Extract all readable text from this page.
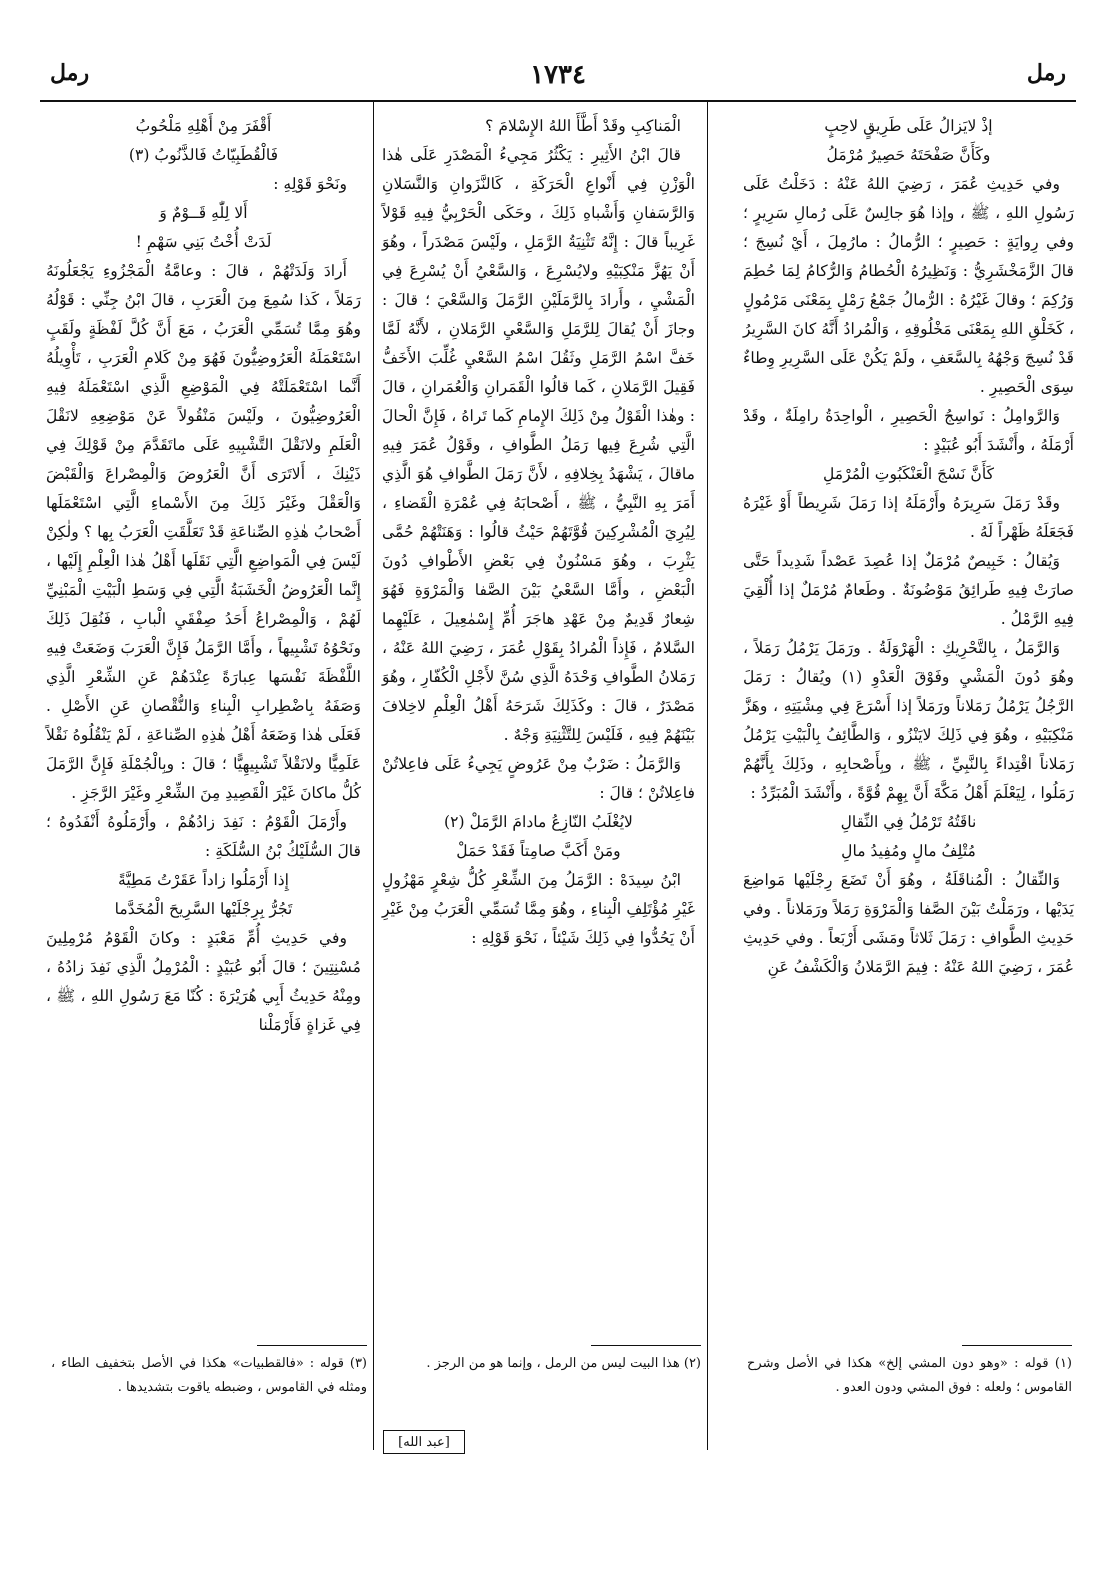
رمل
١٧٣٤
رمل

إذْ لايَزالُ عَلَى طَرِيقٍ لاحِبٍ

وكَأَنَّ صَفْحَتَهُ حَصِيرٌ مُرْمَلُ

وفي حَدِيثِ عُمَرَ ، رَضِيَ اللهُ عَنْهُ : دَخَلْتُ عَلَى رَسُولِ اللهِ ، ﷺ ، وإذا هُوَ جالِسٌ عَلَى رُمالِ سَرِيرٍ ؛ وفي رِوايَةٍ : حَصِيرٍ ؛ الرُّمالُ : مارُمِلَ ، أَيْ نُسِجَ ؛ قالَ الزَّمَخْشَرِيُّ : وَنَظِيرُهُ الْحُطامُ وَالرُّكامُ لِمَا حُطِمَ وَرُكِمَ ؛ وقالَ غَيْرُهُ : الرُّمالُ جَمْعُ رَمْلٍ بِمَعْنَى مَرْمُولٍ ، كَخَلْقِ اللهِ بِمَعْنَى مَخْلُوقِهِ ، وَالْمُرادُ أَنَّهُ كانَ السَّرِيرُ قَدْ نُسِجَ وَجْهُهُ بِالسَّعَفِ ، ولَمْ يَكُنْ عَلَى السَّرِيرِ وِطاءٌ سِوَى الْحَصِيرِ .

وَالرَّوامِلُ : نَواسِجُ الْحَصِيرِ ، الْواحِدَةُ رامِلَةٌ ، وقَدْ أَرْمَلَهُ ، وأَنْشَدَ أَبُو عُبَيْدٍ :

كَأَنَّ نَسْجَ الْعَنْكَبُوتِ الْمُرْمَلِ

وقَدْ رَمَلَ سَرِيرَهُ وأَرْمَلَهُ إذا رَمَلَ شَرِيطاً أَوْ غَيْرَهُ فَجَعَلَهُ ظَهْراً لَهُ .

وَيُقالُ : خَبِيصٌ مُرْمَلٌ إذا عُصِدَ عَصْداً شَدِيداً حَتَّى صارَتْ فِيهِ طَرائِقُ مَوْضُونَةٌ . وطَعامٌ مُرْمَلٌ إذا أُلْقِيَ فِيهِ الرَّمْلُ .

وَالرَّمَلُ ، بِالتَّحْرِيكِ : الْهَرْوَلَةُ . ورَمَلَ يَرْمُلُ رَمَلاً ، وهُوَ دُونَ الْمَشْيِ وفَوْقَ الْعَدْوِ (١) ويُقالُ : رَمَلَ الرَّجُلُ يَرْمُلُ رَمَلاناً ورَمَلاً إذا أَسْرَعَ فِي مِشْيَتِهِ ، وهَزَّ مَنْكِبَيْهِ ، وهُوَ فِي ذَلِكَ لايَنْزُو ، وَالطَّائِفُ بِالْبَيْتِ يَرْمُلُ رَمَلاناً اقْتِداءً بِالنَّبِيِّ ، ﷺ ، وبِأَصْحابِهِ ، وذَلِكَ بِأَنَّهُمْ رَمَلُوا ، لِيَعْلَمَ أَهْلُ مَكَّةَ أَنَّ بِهِمْ قُوَّةً ، وأَنْشَدَ الْمُبَرِّدُ :

ناقَتُهُ تَرْمُلُ فِي النِّقالِ

مُتْلِفُ مالٍ ومُفِيدُ مالِ

وَالنِّقالُ : الْمُناقَلَةُ ، وهُوَ أَنْ تَضَعَ رِجْلَيْها مَواضِعَ يَدَيْها ، ورَمَلْتُ بَيْنَ الصَّفا وَالْمَرْوَةِ رَمَلاً ورَمَلاناً . وفي حَدِيثِ الطَّوافِ : رَمَلَ ثَلاثاً ومَشَى أَرْبَعاً . وفي حَدِيثِ عُمَرَ ، رَضِيَ اللهُ عَنْهُ : فِيمَ الرَّمَلانُ وَالْكَشْفُ عَنِ

الْمَناكِبِ وقَدْ أَطَّأَ اللهُ الإِسْلامَ ؟

قالَ ابْنُ الأَثِيرِ : يَكْثُرُ مَجِيءُ الْمَصْدَرِ عَلَى هٰذا الْوَزْنِ فِي أَنْواعِ الْحَرَكَةِ ، كَالنَّزَوانِ وَالنَّسَلانِ وَالرَّسَفانِ وَأَشْباهِ ذَلِكَ ، وحَكَى الْحَرْبِيُّ فِيهِ قَوْلاً غَرِيباً قالَ : إِنَّهُ تَثْنِيَةُ الرَّمَلِ ، ولَيْسَ مَصْدَراً ، وهُوَ أَنْ يَهُزَّ مَنْكِبَيْهِ ولايُسْرِعَ ، وَالسَّعْيُ أَنْ يُسْرِعَ فِي الْمَشْيِ ، وأَرادَ بِالرَّمَلَيْنِ الرَّمَلَ وَالسَّعْيَ ؛ قالَ : وجازَ أَنْ يُقالَ لِلرَّمَلِ وَالسَّعْيِ الرَّمَلانِ ، لأَنَّهُ لَمَّا خَفَّ اسْمُ الرَّمَلِ وثَقُلَ اسْمُ السَّعْيِ غُلِّبَ الأَخَفُّ فَقِيلَ الرَّمَلانِ ، كَما قالُوا الْقَمَرانِ وَالْعُمَرانِ ، قالَ : وهٰذا الْقَوْلُ مِنْ ذَلِكَ الإِمامِ كَما تَراهُ ، فَإِنَّ الْحالَ الَّتِي شُرِعَ فِيها رَمَلُ الطَّوافِ ، وقَوْلُ عُمَرَ فِيهِ ماقالَ ، يَشْهَدُ بِخِلافِهِ ، لأَنَّ رَمَلَ الطَّوافِ هُوَ الَّذِي أَمَرَ بِهِ النَّبِيُّ ، ﷺ ، أَصْحابَهُ فِي عُمْرَةِ الْقَضاءِ ، لِيُرِيَ الْمُشْرِكِينَ قُوَّتَهُمْ حَيْثُ قالُوا : وَهَنَتْهُمْ حُمَّى يَثْرِبَ ، وهُوَ مَسْنُونٌ فِي بَعْضِ الأَطْوافِ دُونَ الْبَعْضِ ، وأَمَّا السَّعْيُ بَيْنَ الصَّفا وَالْمَرْوَةِ فَهُوَ شِعارٌ قَدِيمٌ مِنْ عَهْدِ هاجَرَ أُمِّ إِسْمٰعِيلَ ، عَلَيْهِما السَّلامُ ، فَإِذاً الْمُرادُ بِقَوْلِ عُمَرَ ، رَضِيَ اللهُ عَنْهُ ، رَمَلانُ الطَّوافِ وَحْدَهُ الَّذِي سُنَّ لأَجْلِ الْكُفّارِ ، وهُوَ مَصْدَرٌ ، قالَ : وكَذَلِكَ شَرَحَهُ أَهْلُ الْعِلْمِ لاخِلافَ بَيْنَهُمْ فِيهِ ، فَلَيْسَ لِلتَّثْنِيَةِ وَجْهٌ .

وَالرَّمَلُ : ضَرْبٌ مِنْ عَرُوضٍ يَجِيءُ عَلَى فاعِلاتُنْ فاعِلاتُنْ ؛ قالَ :

لايُغْلَبُ النّازِعُ مادامَ الرَّمَلْ (٢)

ومَنْ أَكَبَّ صامِتاً فَقَدْ حَمَلْ

ابْنُ سِيدَهْ : الرَّمَلُ مِنَ الشِّعْرِ كُلُّ شِعْرٍ مَهْزُولٍ غَيْرِ مُؤْتَلِفِ الْبِناءِ ، وهُوَ مِمَّا تُسَمِّي الْعَرَبُ مِنْ غَيْرِ أَنْ يَحُدُّوا فِي ذَلِكَ شَيْئاً ، نَحْوَ قَوْلِهِ :

أَقْفَرَ مِنْ أَهْلِهِ مَلْحُوبُ

فَالْقُطَبِيّاتُ فَالذَّنُوبُ (٣)

ونَحْوَ قَوْلِهِ :

أَلا لِلّٰهِ قَــوْمٌ وَ

لَدَتْ أُخْتُ بَنِي سَهْمِ !

أَرادَ وَلَدَتْهُمْ ، قالَ : وعامَّةُ الْمَجْزُوءِ يَجْعَلُونَهُ رَمَلاً ، كَذا سُمِعَ مِنَ الْعَرَبِ ، قالَ ابْنُ جِنِّي : قَوْلُهُ وهُوَ مِمَّا تُسَمِّي الْعَرَبُ ، مَعَ أَنَّ كُلَّ لَفْظَةٍ ولَقَبٍ اسْتَعْمَلَهُ الْعَرُوضِيُّونَ فَهُوَ مِنْ كَلامِ الْعَرَبِ ، تَأْوِيلُهُ أَنَّما اسْتَعْمَلَتْهُ فِي الْمَوْضِعِ الَّذِي اسْتَعْمَلَهُ فِيهِ الْعَرُوضِيُّونَ ، ولَيْسَ مَنْقُولاً عَنْ مَوْضِعِهِ لانَقْلَ الْعَلَمِ ولانَقْلَ التَّشْبِيهِ عَلَى ماتَقَدَّمَ مِنْ قَوْلِكَ فِي ذَيْنِكَ ، أَلاتَرَى أَنَّ الْعَرُوضَ وَالْمِصْراعَ وَالْقَبْضَ وَالْعَقْلَ وغَيْرَ ذَلِكَ مِنَ الأَسْماءِ الَّتِي اسْتَعْمَلَها أَصْحابُ هٰذِهِ الصِّناعَةِ قَدْ تَعَلَّقَتِ الْعَرَبُ بِها ؟ ولٰكِنْ لَيْسَ فِي الْمَواضِعِ الَّتِي نَقَلَها أَهْلُ هٰذا الْعِلْمِ إِلَيْها ، إِنَّما الْعَرُوضُ الْخَشَبَةُ الَّتِي فِي وَسَطِ الْبَيْتِ الْمَبْنِيِّ لَهُمْ ، وَالْمِصْراعُ أَحَدُ صِفْقَيِ الْبابِ ، فَنُقِلَ ذَلِكَ ونَحْوُهُ تَشْبِيهاً ، وأَمَّا الرَّمَلُ فَإِنَّ الْعَرَبَ وَضَعَتْ فِيهِ اللَّفْظَةَ نَفْسَها عِبارَةً عِنْدَهُمْ عَنِ الشِّعْرِ الَّذِي وَصَفَهُ بِاضْطِرابِ الْبِناءِ وَالنُّقْصانِ عَنِ الأَصْلِ . فَعَلَى هٰذا وَضَعَهُ أَهْلُ هٰذِهِ الصِّناعَةِ ، لَمْ يَنْقُلُوهُ نَقْلاً عَلَمِيًّا ولانَقْلاً تَشْبِيهِيًّا ؛ قالَ : وبِالْجُمْلَةِ فَإِنَّ الرَّمَلَ كُلُّ ماكانَ غَيْرَ الْقَصِيدِ مِنَ الشِّعْرِ وغَيْرَ الرَّجَزِ .

وأَرْمَلَ الْقَوْمُ : نَفِدَ زادُهُمْ ، وأَرْمَلُوهُ أَنْفَدُوهُ ؛ قالَ السُّلَيْكُ بْنُ السُّلَكَةِ :

إِذا أَرْمَلُوا زاداً عَقَرْتُ مَطِيَّةً

تَجُرُّ بِرِجْلَيْها السَّرِيحَ الْمُخَدَّما

وفي حَدِيثِ أُمِّ مَعْبَدٍ : وكانَ الْقَوْمُ مُرْمِلِينَ مُسْنِتِينَ ؛ قالَ أَبُو عُبَيْدٍ : الْمُرْمِلُ الَّذِي نَفِدَ زادُهُ ، ومِنْهُ حَدِيثُ أَبِي هُرَيْرَةَ : كُنّا مَعَ رَسُولِ اللهِ ، ﷺ ، فِي غَزاةٍ فَأَرْمَلْنا

(١) قوله : «وهو دون المشي إلخ» هكذا في الأصل وشرح القاموس ؛ ولعله : فوق المشي ودون العدو .

(٢) هذا البيت ليس من الرمل ، وإنما هو من الرجز .

(٣) قوله : «فالقطبيات» هكذا في الأصل بتخفيف الطاء ، ومثله في القاموس ، وضبطه ياقوت بتشديدها .

[عبد الله]
